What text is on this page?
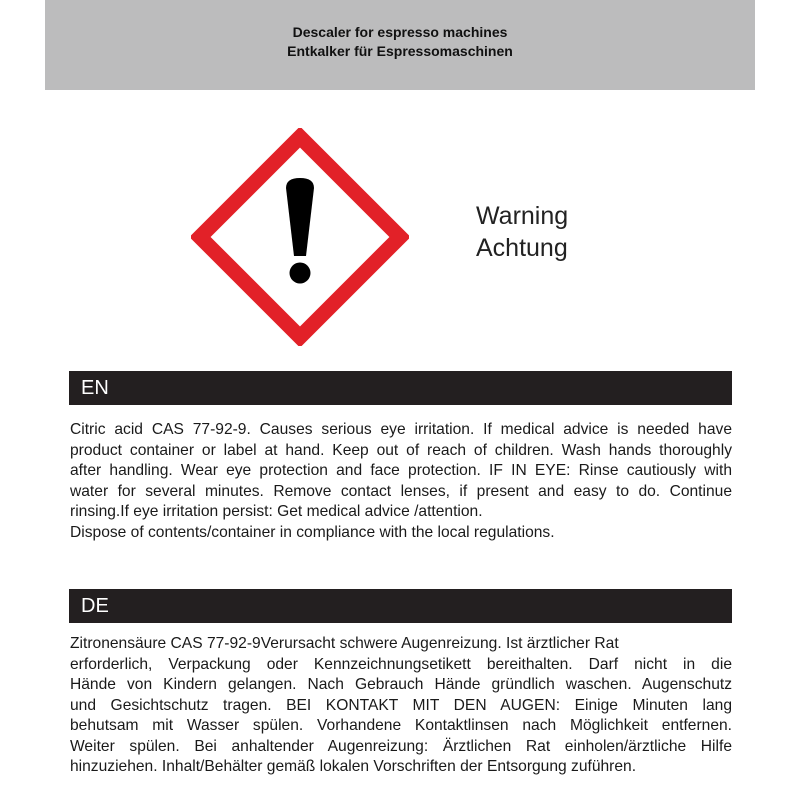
Descaler for espresso machines
Entkalker für Espressomaschinen
Warning
Achtung
EN
Citric acid CAS 77-92-9. Causes serious eye irritation. If medical advice is needed have
product container or label at hand. Keep out of reach of children. Wash hands thoroughly
after handling. Wear eye protection and face protection. IF IN EYE: Rinse cautiously with
water for several minutes. Remove contact lenses, if present and easy to do. Continue
rinsing.If eye irritation persist: Get medical advice /attention.
Dispose of contents/container in compliance with the local regulations.
DE
Zitronensäure CAS 77-92-9Verursacht schwere Augenreizung. Ist ärztlicher Rat
erforderlich, Verpackung oder Kennzeichnungsetikett bereithalten. Darf nicht in die
Hände von Kindern gelangen. Nach Gebrauch Hände gründlich waschen. Augenschutz
und Gesichtschutz tragen. BEI KONTAKT MIT DEN AUGEN: Einige Minuten lang
behutsam mit Wasser spülen. Vorhandene Kontaktlinsen nach Möglichkeit entfernen.
Weiter spülen. Bei anhaltender Augenreizung: Ärztlichen Rat einholen/ärztliche Hilfe
hinzuziehen. Inhalt/Behälter gemäß lokalen Vorschriften der Entsorgung zuführen.
